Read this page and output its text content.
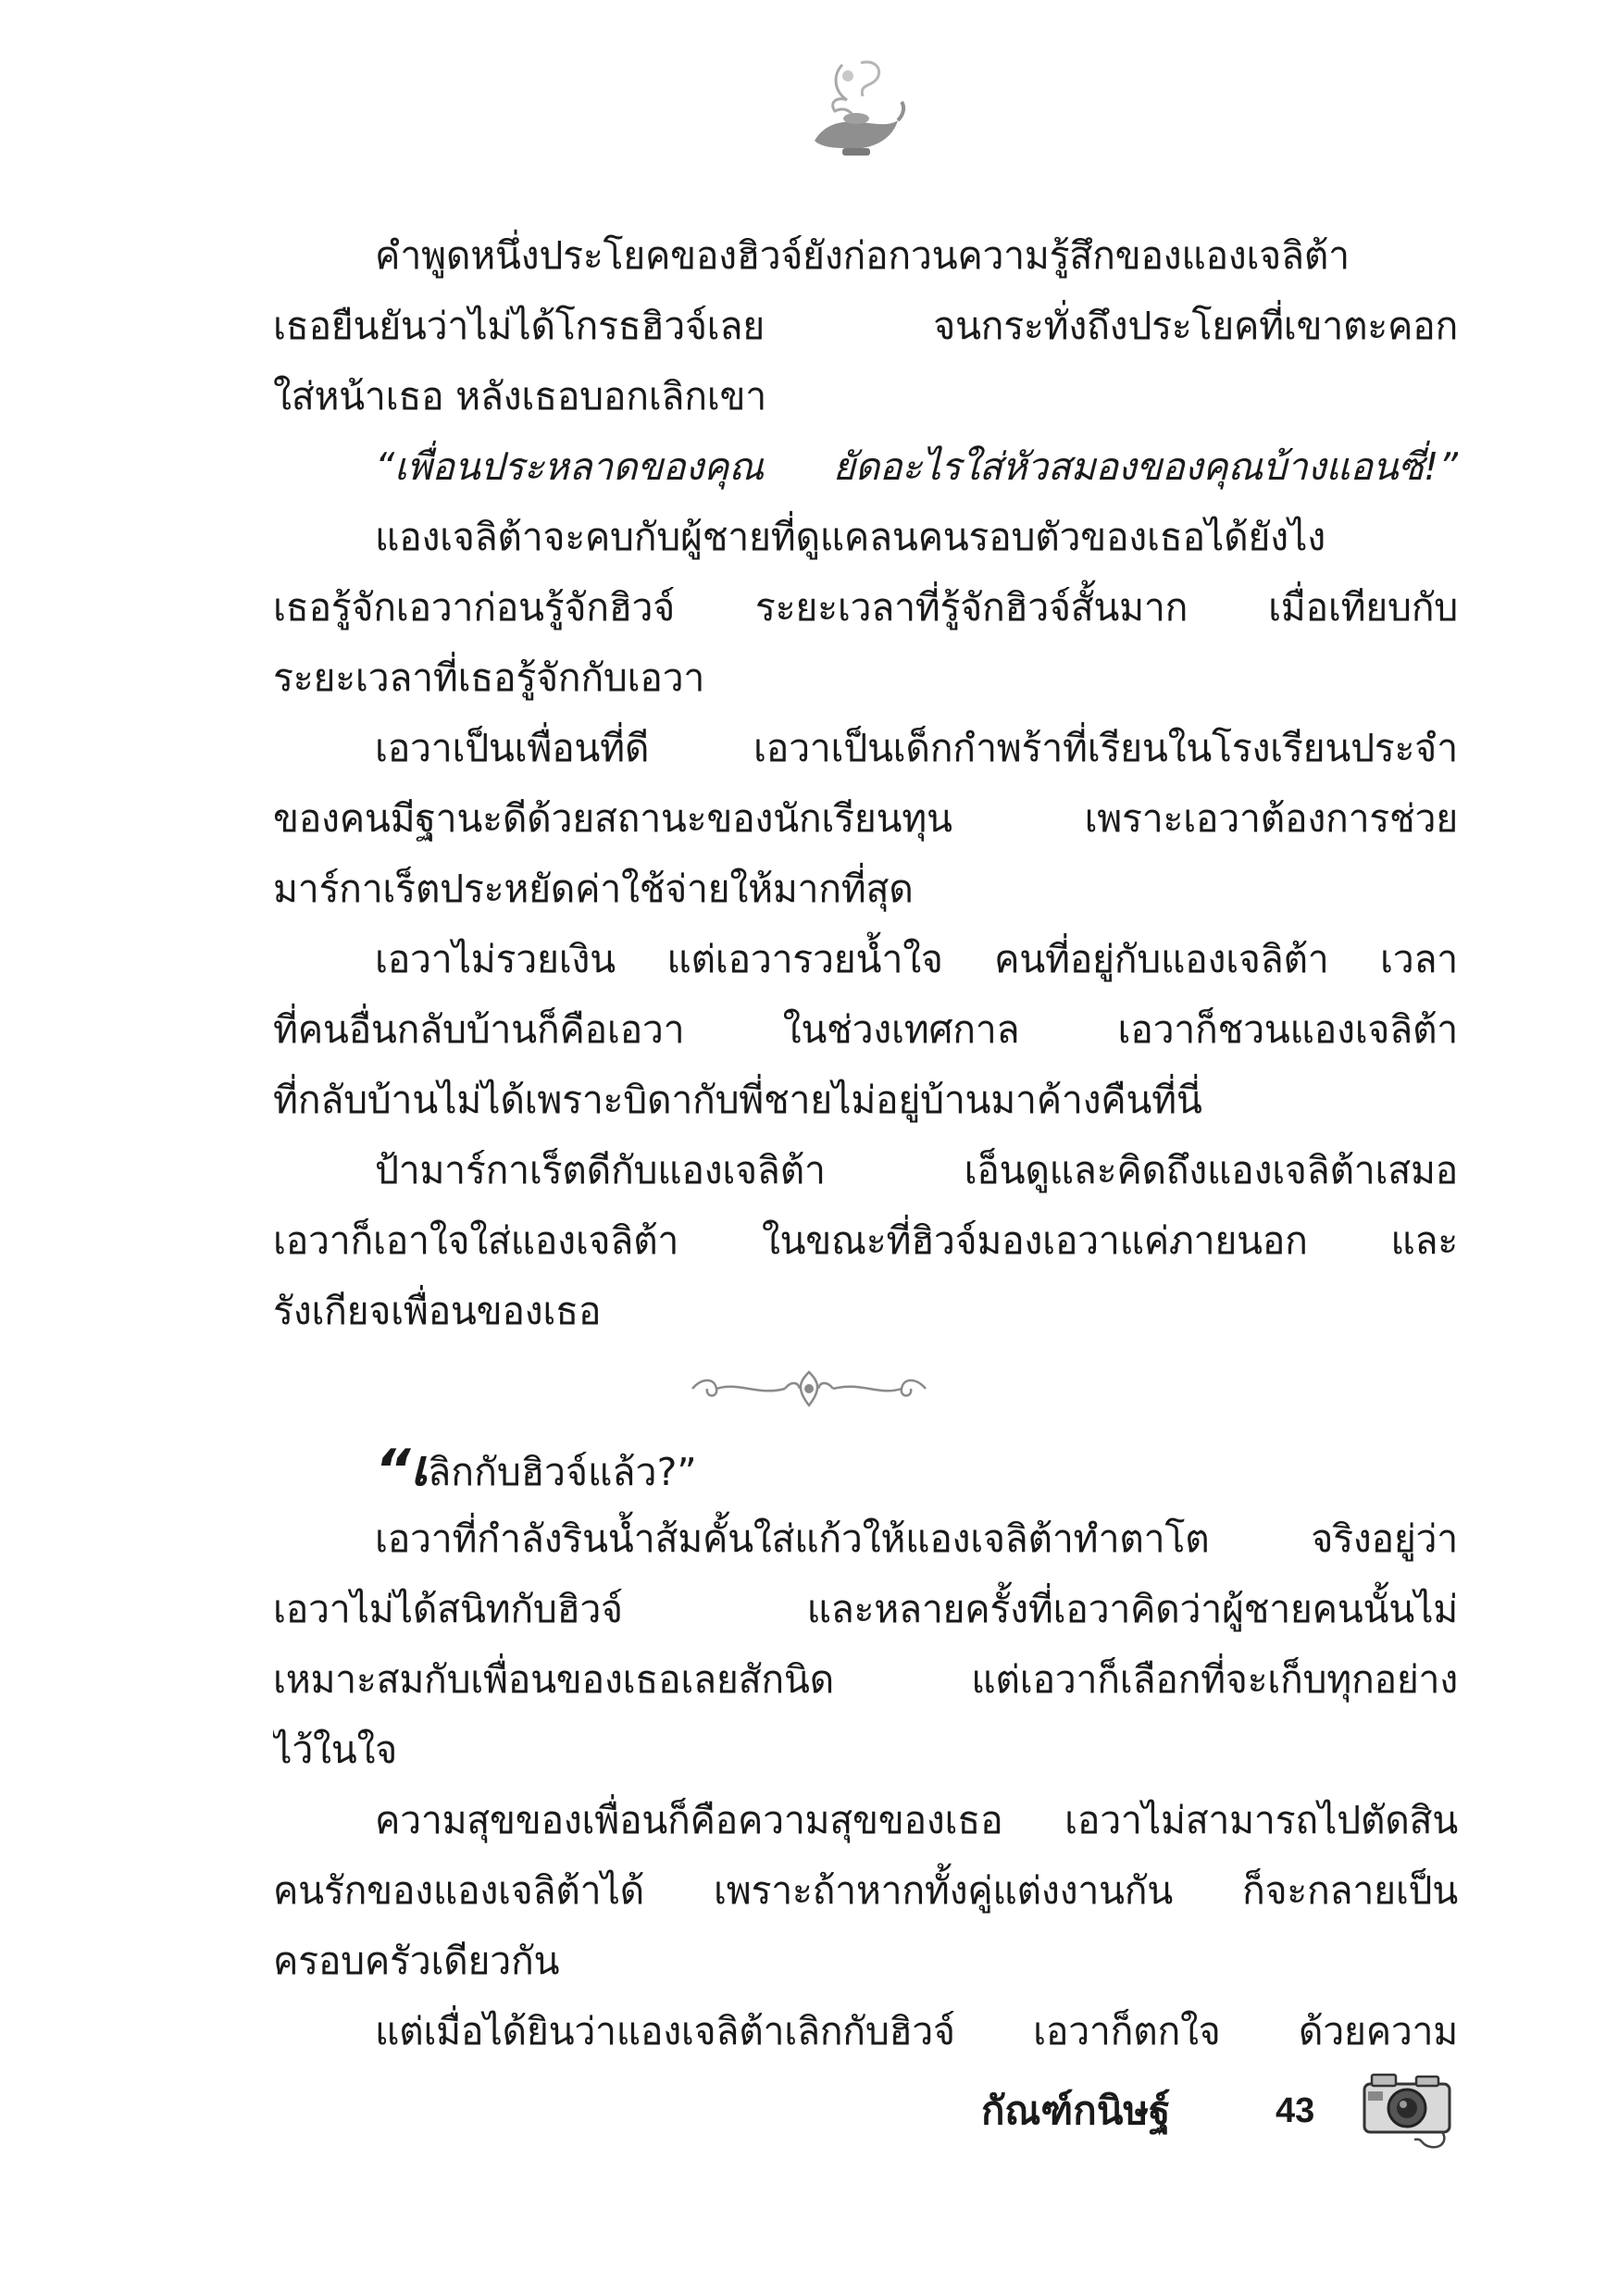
คำพูดหนึ่งประโยคของฮิวจ์ยังก่อกวนความรู้สึกของแองเจลิต้า
เธอยืนยันว่าไม่ได้โกรธฮิวจ์เลย จนกระทั่งถึงประโยคที่เขาตะคอก
ใส่หน้าเธอ หลังเธอบอกเลิกเขา
“เพื่อนประหลาดของคุณ ยัดอะไรใส่หัวสมองของคุณบ้างแอนซี่!”
แองเจลิต้าจะคบกับผู้ชายที่ดูแคลนคนรอบตัวของเธอได้ยังไง
เธอรู้จักเอวาก่อนรู้จักฮิวจ์ ระยะเวลาที่รู้จักฮิวจ์สั้นมาก เมื่อเทียบกับ
ระยะเวลาที่เธอรู้จักกับเอวา
เอวาเป็นเพื่อนที่ดี เอวาเป็นเด็กกำพร้าที่เรียนในโรงเรียนประจำ
ของคนมีฐานะดีด้วยสถานะของนักเรียนทุน เพราะเอวาต้องการช่วย
มาร์กาเร็ตประหยัดค่าใช้จ่ายให้มากที่สุด
เอวาไม่รวยเงิน แต่เอวารวยน้ำใจ คนที่อยู่กับแองเจลิต้า เวลา
ที่คนอื่นกลับบ้านก็คือเอวา ในช่วงเทศกาล เอวาก็ชวนแองเจลิต้า
ที่กลับบ้านไม่ได้เพราะบิดากับพี่ชายไม่อยู่บ้านมาค้างคืนที่นี่
ป้ามาร์กาเร็ตดีกับแองเจลิต้า เอ็นดูและคิดถึงแองเจลิต้าเสมอ
เอวาก็เอาใจใส่แองเจลิต้า ในขณะที่ฮิวจ์มองเอวาแค่ภายนอก และ
รังเกียจเพื่อนของเธอ
“เลิกกับฮิวจ์แล้ว?”
เอวาที่กำลังรินน้ำส้มคั้นใส่แก้วให้แองเจลิต้าทำตาโต จริงอยู่ว่า
เอวาไม่ได้สนิทกับฮิวจ์ และหลายครั้งที่เอวาคิดว่าผู้ชายคนนั้นไม่
เหมาะสมกับเพื่อนของเธอเลยสักนิด แต่เอวาก็เลือกที่จะเก็บทุกอย่าง
ไว้ในใจ
ความสุขของเพื่อนก็คือความสุขของเธอ เอวาไม่สามารถไปตัดสิน
คนรักของแองเจลิต้าได้ เพราะถ้าหากทั้งคู่แต่งงานกัน ก็จะกลายเป็น
ครอบครัวเดียวกัน
แต่เมื่อได้ยินว่าแองเจลิต้าเลิกกับฮิวจ์ เอวาก็ตกใจ ด้วยความ
กัณฑ์กนิษฐ์	43
